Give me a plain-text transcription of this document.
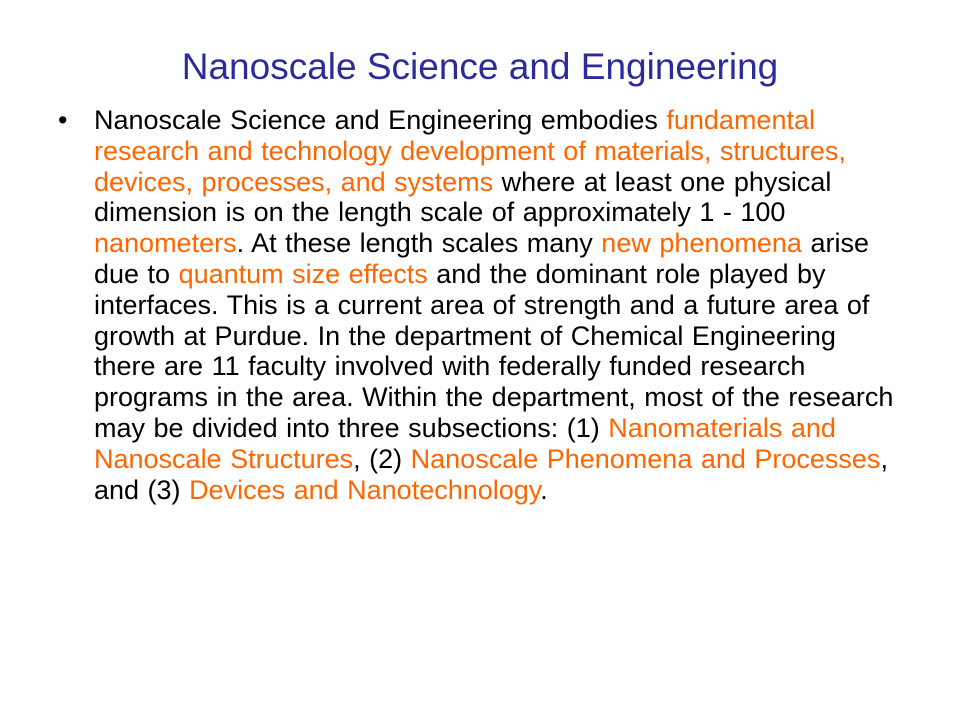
Nanoscale Science and Engineering
• Nanoscale Science and Engineering embodies fundamental research and technology development of materials, structures, devices, processes, and systems where at least one physical dimension is on the length scale of approximately 1 - 100 nanometers. At these length scales many new phenomena arise due to quantum size effects and the dominant role played by interfaces. This is a current area of strength and a future area of growth at Purdue. In the department of Chemical Engineering there are 11 faculty involved with federally funded research programs in the area. Within the department, most of the research may be divided into three subsections: (1) Nanomaterials and Nanoscale Structures, (2) Nanoscale Phenomena and Processes, and (3) Devices and Nanotechnology.
